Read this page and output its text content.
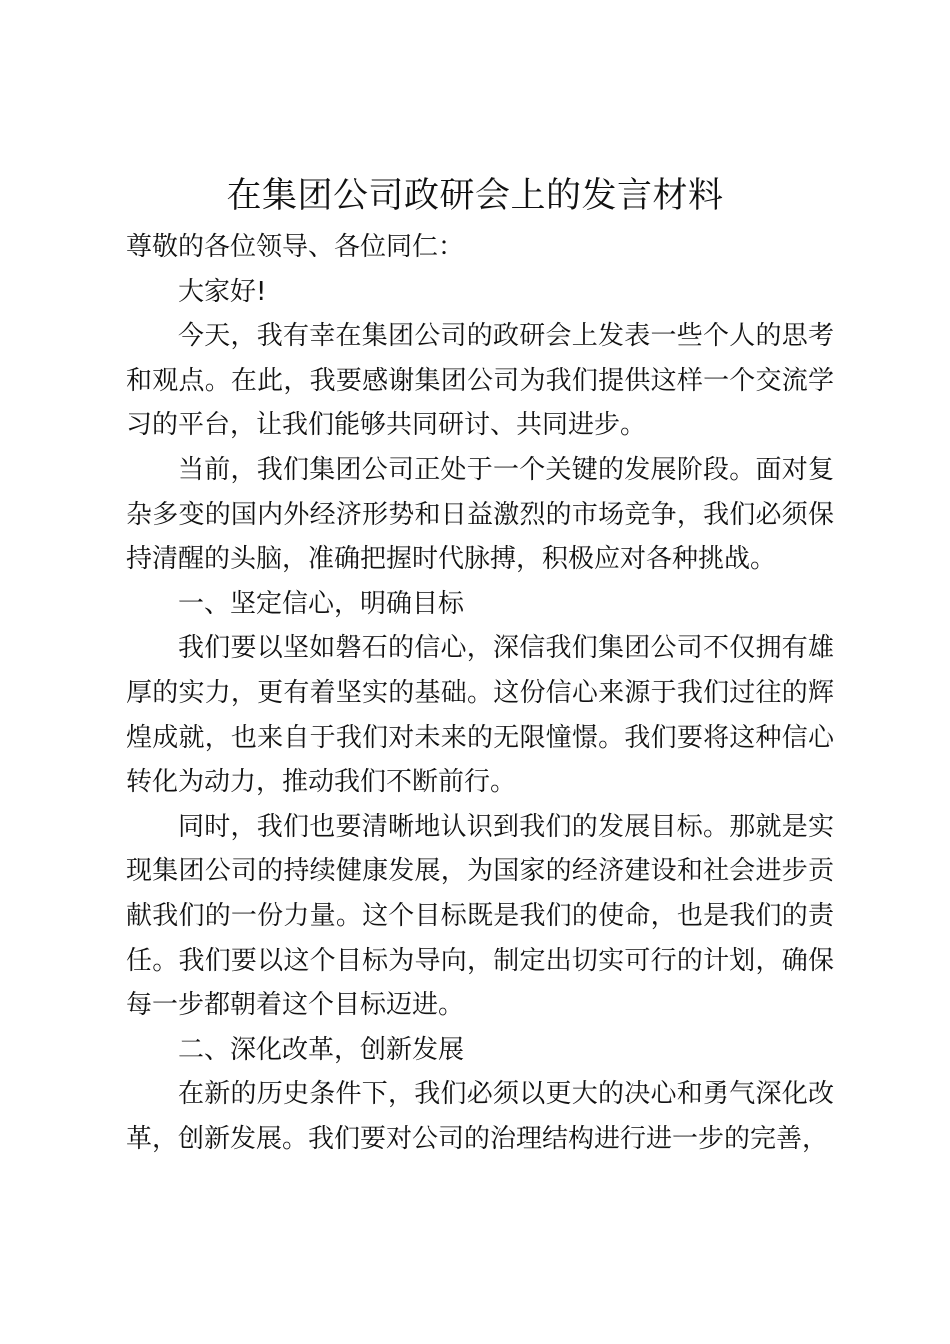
在集团公司政研会上的发言材料

尊敬的各位领导、各位同仁：

大家好!

今天，我有幸在集团公司的政研会上发表一些个人的思考和观点。在此，我要感谢集团公司为我们提供这样一个交流学习的平台，让我们能够共同研讨、共同进步。

当前，我们集团公司正处于一个关键的发展阶段。面对复杂多变的国内外经济形势和日益激烈的市场竞争，我们必须保持清醒的头脑，准确把握时代脉搏，积极应对各种挑战。

一、坚定信心，明确目标

我们要以坚如磐石的信心，深信我们集团公司不仅拥有雄厚的实力，更有着坚实的基础。这份信心来源于我们过往的辉煌成就，也来自于我们对未来的无限憧憬。我们要将这种信心转化为动力，推动我们不断前行。

同时，我们也要清晰地认识到我们的发展目标。那就是实现集团公司的持续健康发展，为国家的经济建设和社会进步贡献我们的一份力量。这个目标既是我们的使命，也是我们的责任。我们要以这个目标为导向，制定出切实可行的计划，确保每一步都朝着这个目标迈进。

二、深化改革，创新发展

在新的历史条件下，我们必须以更大的决心和勇气深化改革，创新发展。我们要对公司的治理结构进行进一步的完善，
